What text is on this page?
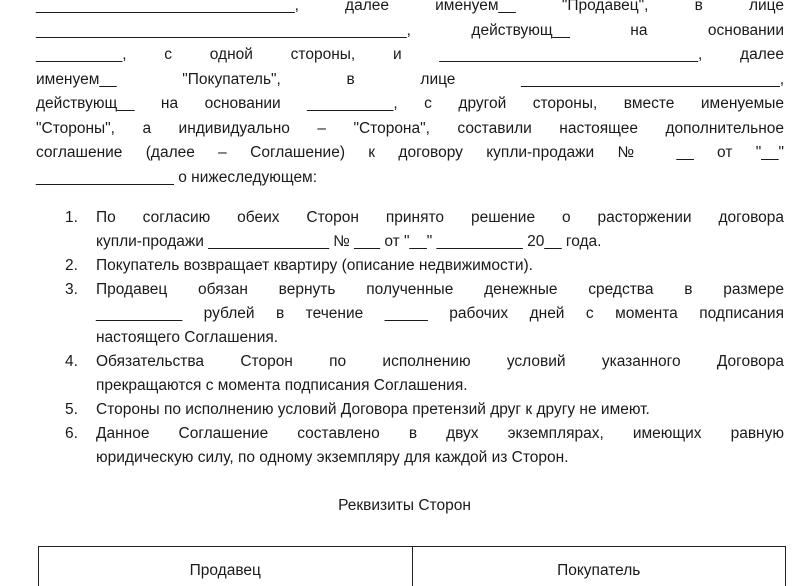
______________________________, далее именуем__ "Продавец", в лице
___________________________________________, действующ__ на основании
__________, с одной стороны, и ______________________________, далее
именуем__ "Покупатель", в лице ______________________________,
действующ__ на основании __________, с другой стороны, вместе именуемые
"Стороны", а индивидуально – "Сторона", составили настоящее дополнительное
соглашение (далее – Соглашение) к договору купли-продажи № __ от "__"
________________ о нижеследующем:
1. По согласию обеих Сторон принято решение о расторжении договора
купли-продажи ______________ № ___ от "__" __________ 20__ года.
2. Покупатель возвращает квартиру (описание недвижимости).
3. Продавец обязан вернуть полученные денежные средства в размере
__________ рублей в течение _____ рабочих дней с момента подписания
настоящего Соглашения.
4. Обязательства Сторон по исполнению условий указанного Договора
прекращаются с момента подписания Соглашения.
5. Стороны по исполнению условий Договора претензий друг к другу не имеют.
6. Данное Соглашение составлено в двух экземплярах, имеющих равную
юридическую силу, по одному экземпляру для каждой из Сторон.
Реквизиты Сторон
Продавец	Покупатель
